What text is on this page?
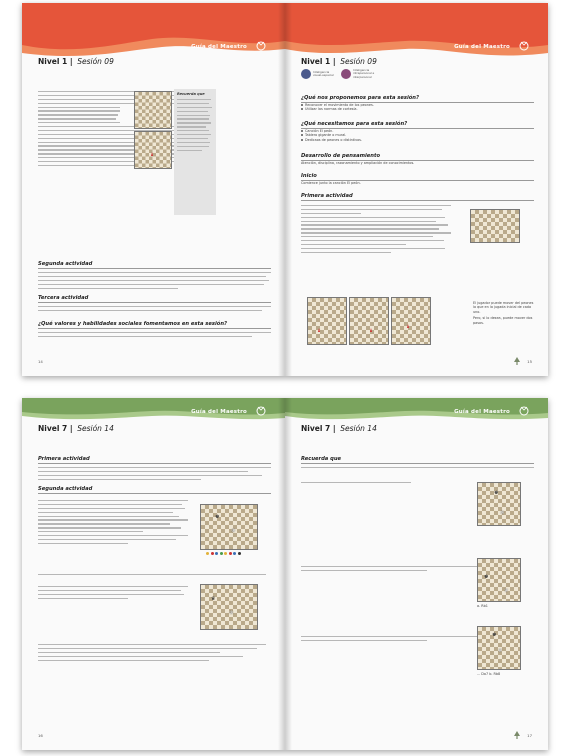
Guía del Maestro
Nivel 1 | Sesión 09
Recuerda que

Segunda actividad

Tercera actividad

¿Qué valores y habilidades sociales fomentamos en esta sesión?

14
Guía del Maestro
Nivel 1 | Sesión 09
Inteligencia visual-espacial
Inteligencia intrapersonal e interpersonal

¿Qué nos proponemos para esta sesión?

Reconocer el movimiento de los peones.

Utilizar las normas de cortesía.

¿Qué necesitamos para esta sesión?

Canción El peón.

Tablero gigante o mural.

Dedicaos de peones o distintivos.

Desarrollo de pensamiento

Atención, disciplina, razonamiento y ampliación de conocimientos.

Inicio

Comience junto la canción El peón.

Primera actividad

El jugador puede mover del peones lo que en la jugada inicial de cada uno.

Pero, si lo desea, puede mover dos pasos.

15
Guía del Maestro
Nivel 7 | Sesión 14

Primera actividad

Segunda actividad

♚
♔
♛
♔
16
Guía del Maestro
Nivel 7 | Sesión 14

Recuerda que

♚
♔
♚
♕
a. Rb1
♚
♕
... Da7 b. Rb8
17
